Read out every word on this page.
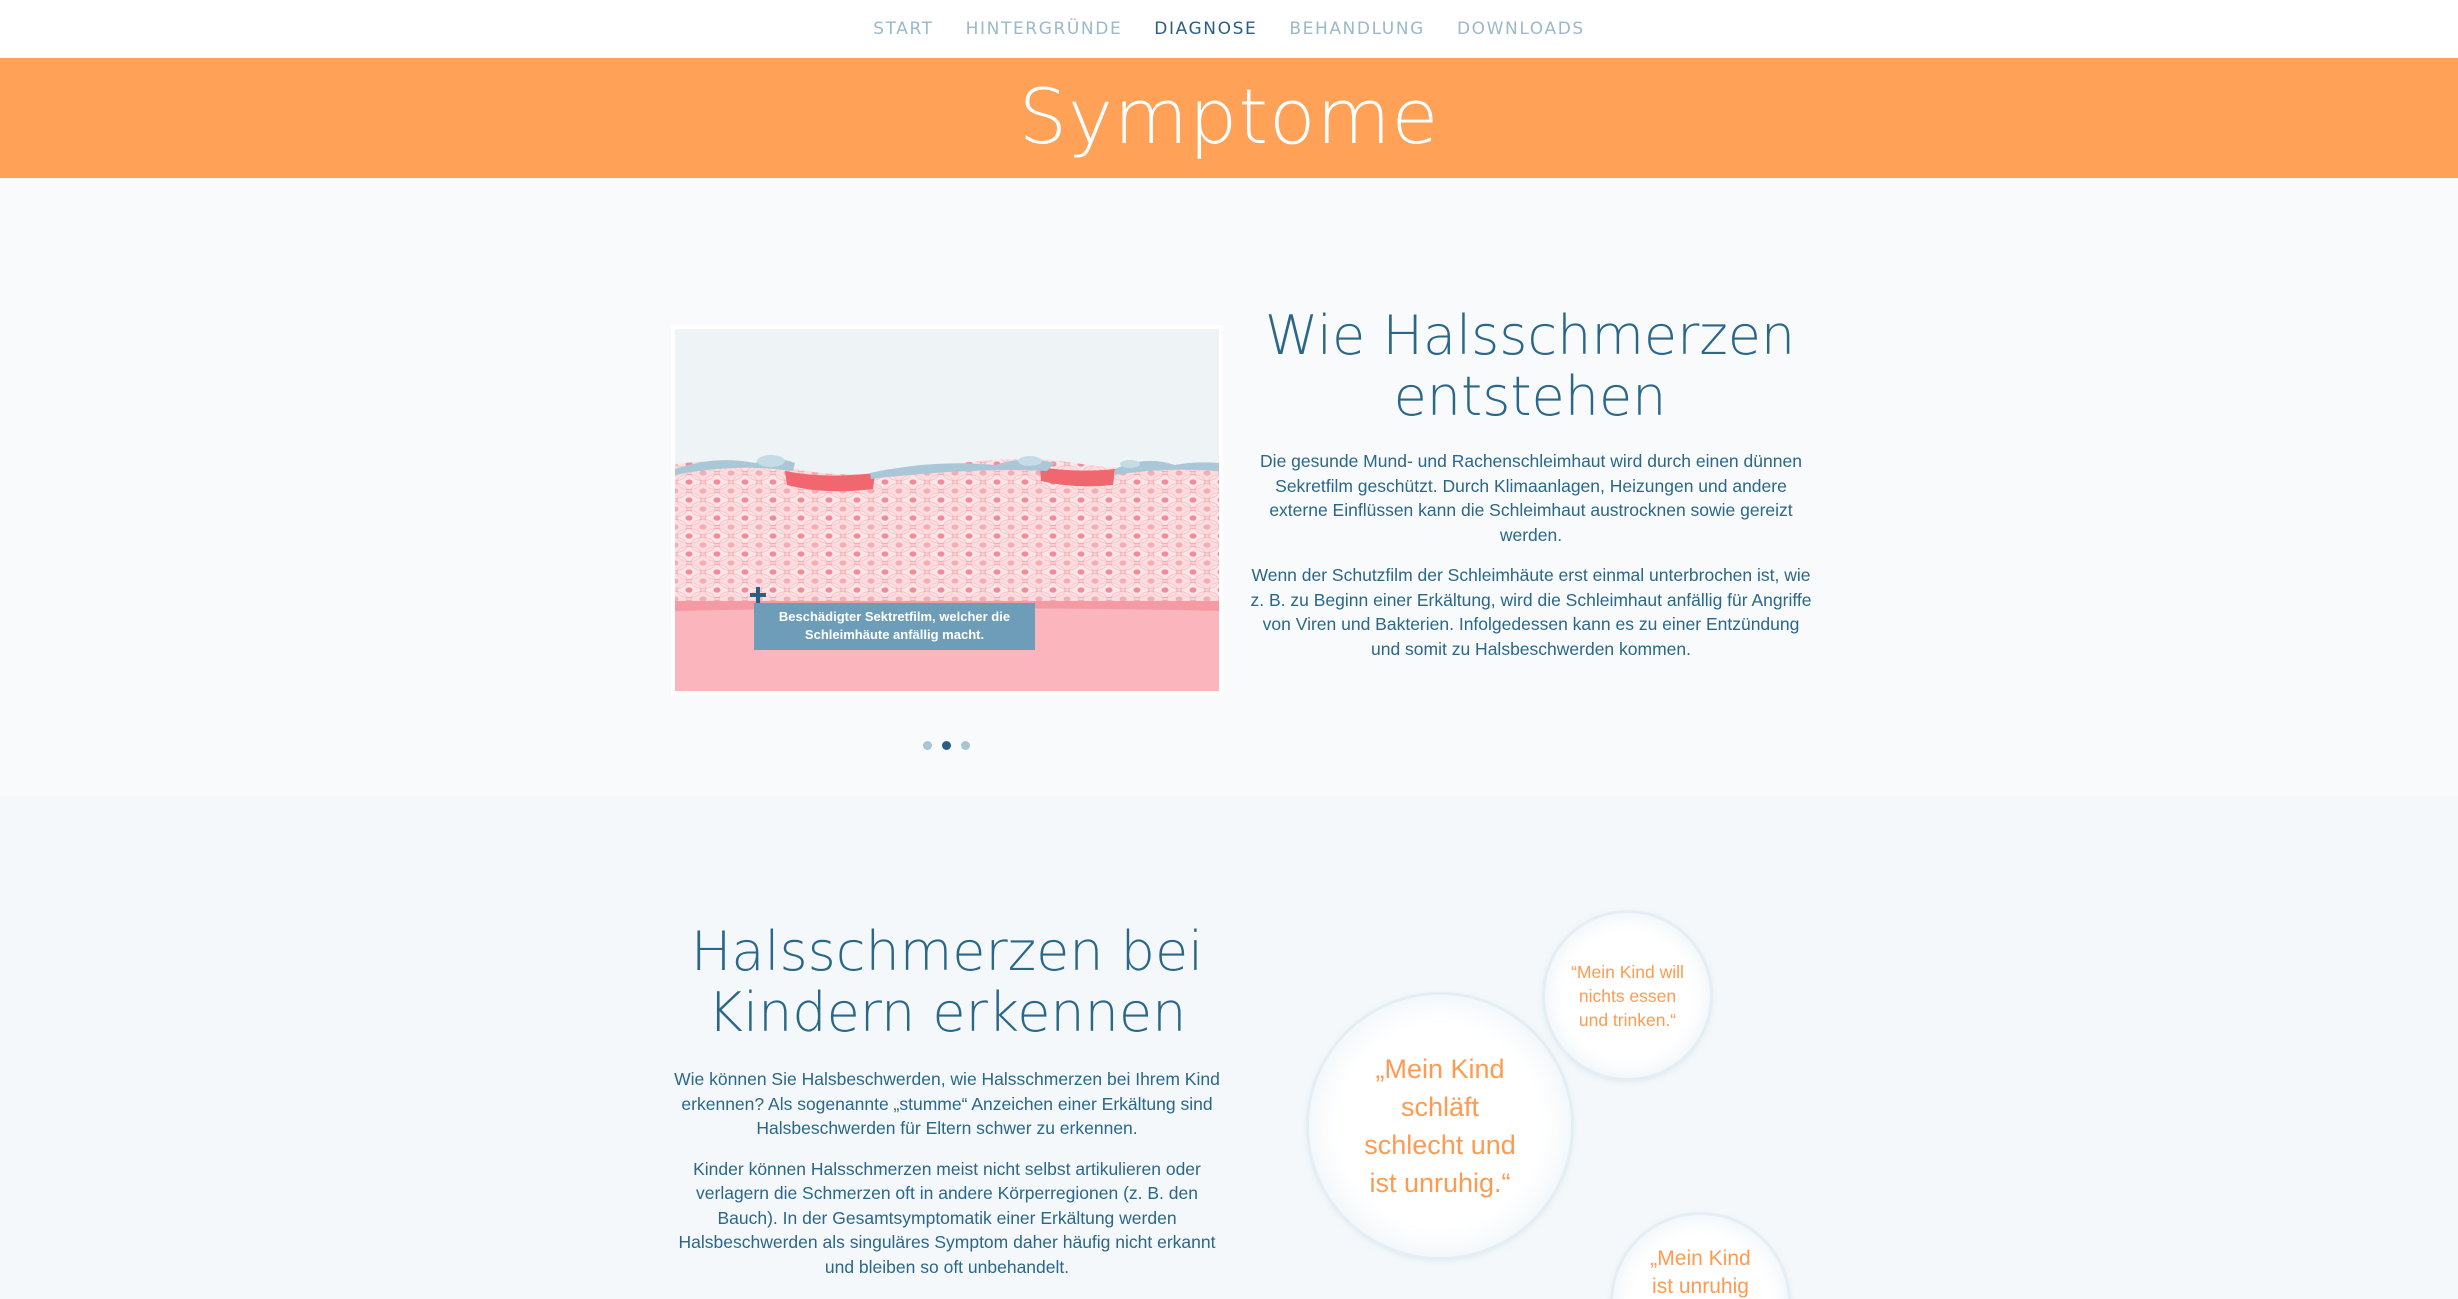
START HINTERGRÜNDE DIAGNOSE BEHANDLUNG DOWNLOADS
Symptome
Beschädigter Sektretfilm, welcher die Schleimhäute anfällig macht.
Wie Halsschmerzen entstehen

Die gesunde Mund- und Rachenschleimhaut wird durch einen dünnen Sekretfilm geschützt. Durch Klimaanlagen, Heizungen und andere externe Einflüssen kann die Schleimhaut austrocknen sowie gereizt werden.

Wenn der Schutzfilm der Schleimhäute erst einmal unterbrochen ist, wie z. B. zu Beginn einer Erkältung, wird die Schleimhaut anfällig für Angriffe von Viren und Bakterien. Infolgedessen kann es zu einer Entzündung und somit zu Halsbeschwerden kommen.

Halsschmerzen bei Kindern erkennen

Wie können Sie Halsbeschwerden, wie Halsschmerzen bei Ihrem Kind erkennen? Als sogenannte „stumme“ Anzeichen einer Erkältung sind Halsbeschwerden für Eltern schwer zu erkennen.

Kinder können Halsschmerzen meist nicht selbst artikulieren oder verlagern die Schmerzen oft in andere Körperregionen (z. B. den Bauch). In der Gesamtsymptomatik einer Erkältung werden Halsbeschwerden als singuläres Symptom daher häufig nicht erkannt und bleiben so oft unbehandelt.

“Mein Kind will nichts essen und trinken.“
„Mein Kind schläft schlecht und ist unruhig.“
„Mein Kind ist unruhig
